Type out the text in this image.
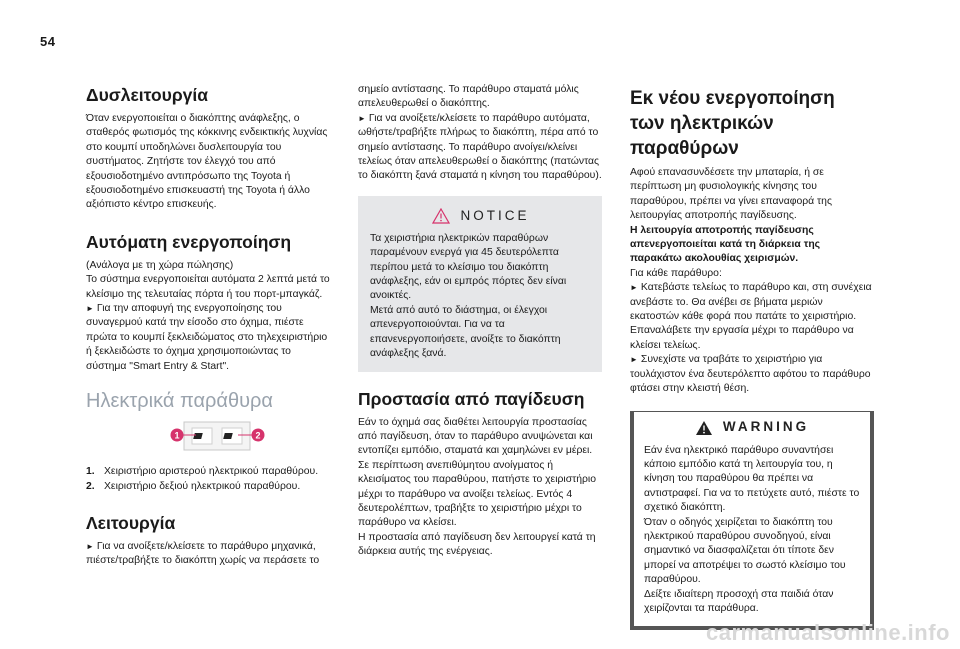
54
Δυσλειτουργία

Όταν ενεργοποιείται ο διακόπτης ανάφλεξης, ο σταθερός φωτισμός της κόκκινης ενδεικτικής λυχνίας στο κουμπί υποδηλώνει δυσλειτουργία του συστήματος. Ζητήστε τον έλεγχό του από εξουσιοδοτημένο αντιπρόσωπο της Toyota ή εξουσιοδοτημένο επισκευαστή της Toyota ή άλλο αξιόπιστο κέντρο επισκευής.

Αυτόματη ενεργοποίηση

(Ανάλογα με τη χώρα πώλησης)
Το σύστημα ενεργοποιείται αυτόματα 2 λεπτά μετά το κλείσιμο της τελευταίας πόρτα ή του πορτ-μπαγκάζ.

► Για την αποφυγή της ενεργοποίησης του συναγερμού κατά την είσοδο στο όχημα, πιέστε πρώτα το κουμπί ξεκλειδώματος στο τηλεχειριστήριο ή ξεκλειδώστε το όχημα χρησιμοποιώντας το σύστημα "Smart Entry & Start".

Ηλεκτρικά παράθυρα
1	2
1. Χειριστήριο αριστερού ηλεκτρικού παραθύρου.
2. Χειριστήριο δεξιού ηλεκτρικού παραθύρου.
Λειτουργία

► Για να ανοίξετε/κλείσετε το παράθυρο μηχανικά, πιέστε/τραβήξτε το διακόπτη χωρίς να περάσετε το

σημείο αντίστασης. Το παράθυρο σταματά μόλις απελευθερωθεί ο διακόπτης.

► Για να ανοίξετε/κλείσετε το παράθυρο αυτόματα, ωθήστε/τραβήξτε πλήρως το διακόπτη, πέρα από το σημείο αντίστασης. Το παράθυρο ανοίγει/κλείνει τελείως όταν απελευθερωθεί ο διακόπτης (πατώντας το διακόπτη ξανά σταματά η κίνηση του παραθύρου).

NOTICE

Τα χειριστήρια ηλεκτρικών παραθύρων παραμένουν ενεργά για 45 δευτερόλεπτα περίπου μετά το κλείσιμο του διακόπτη ανάφλεξης, εάν οι εμπρός πόρτες δεν είναι ανοικτές.
Μετά από αυτό το διάστημα, οι έλεγχοι απενεργοποιούνται. Για να τα επανενεργοποιήσετε, ανοίξτε το διακόπτη ανάφλεξης ξανά.

Προστασία από παγίδευση

Εάν το όχημά σας διαθέτει λειτουργία προστασίας από παγίδευση, όταν το παράθυρο ανυψώνεται και εντοπίζει εμπόδιο, σταματά και χαμηλώνει εν μέρει.
Σε περίπτωση ανεπιθύμητου ανοίγματος ή κλεισίματος του παραθύρου, πατήστε το χειριστήριο μέχρι το παράθυρο να ανοίξει τελείως. Εντός 4 δευτερολέπτων, τραβήξτε το χειριστήριο μέχρι το παράθυρο να κλείσει.
Η προστασία από παγίδευση δεν λειτουργεί κατά τη διάρκεια αυτής της ενέργειας.

Εκ νέου ενεργοποίηση των ηλεκτρικών παραθύρων

Αφού επανασυνδέσετε την μπαταρία, ή σε περίπτωση μη φυσιολογικής κίνησης του παραθύρου, πρέπει να γίνει επαναφορά της λειτουργίας αποτροπής παγίδευσης.

Η λειτουργία αποτροπής παγίδευσης απενεργοποιείται κατά τη διάρκεια της παρακάτω ακολουθίας χειρισμών.

Για κάθε παράθυρο:

► Κατεβάστε τελείως το παράθυρο και, στη συνέχεια ανεβάστε το. Θα ανέβει σε βήματα μεριών εκατοστών κάθε φορά που πατάτε το χειριστήριο. Επαναλάβετε την εργασία μέχρι το παράθυρο να κλείσει τελείως.

► Συνεχίστε να τραβάτε το χειριστήριο για τουλάχιστον ένα δευτερόλεπτο αφότου το παράθυρο φτάσει στην κλειστή θέση.

WARNING

Εάν ένα ηλεκτρικό παράθυρο συναντήσει κάποιο εμπόδιο κατά τη λειτουργία του, η κίνηση του παραθύρου θα πρέπει να αντιστραφεί. Για να το πετύχετε αυτό, πιέστε το σχετικό διακόπτη.
Όταν ο οδηγός χειρίζεται το διακόπτη του ηλεκτρικού παραθύρου συνοδηγού, είναι σημαντικό να διασφαλίζεται ότι τίποτε δεν μπορεί να αποτρέψει το σωστό κλείσιμο του παραθύρου.
Δείξτε ιδιαίτερη προσοχή στα παιδιά όταν χειρίζονται τα παράθυρα.

carmanualsonline.info
